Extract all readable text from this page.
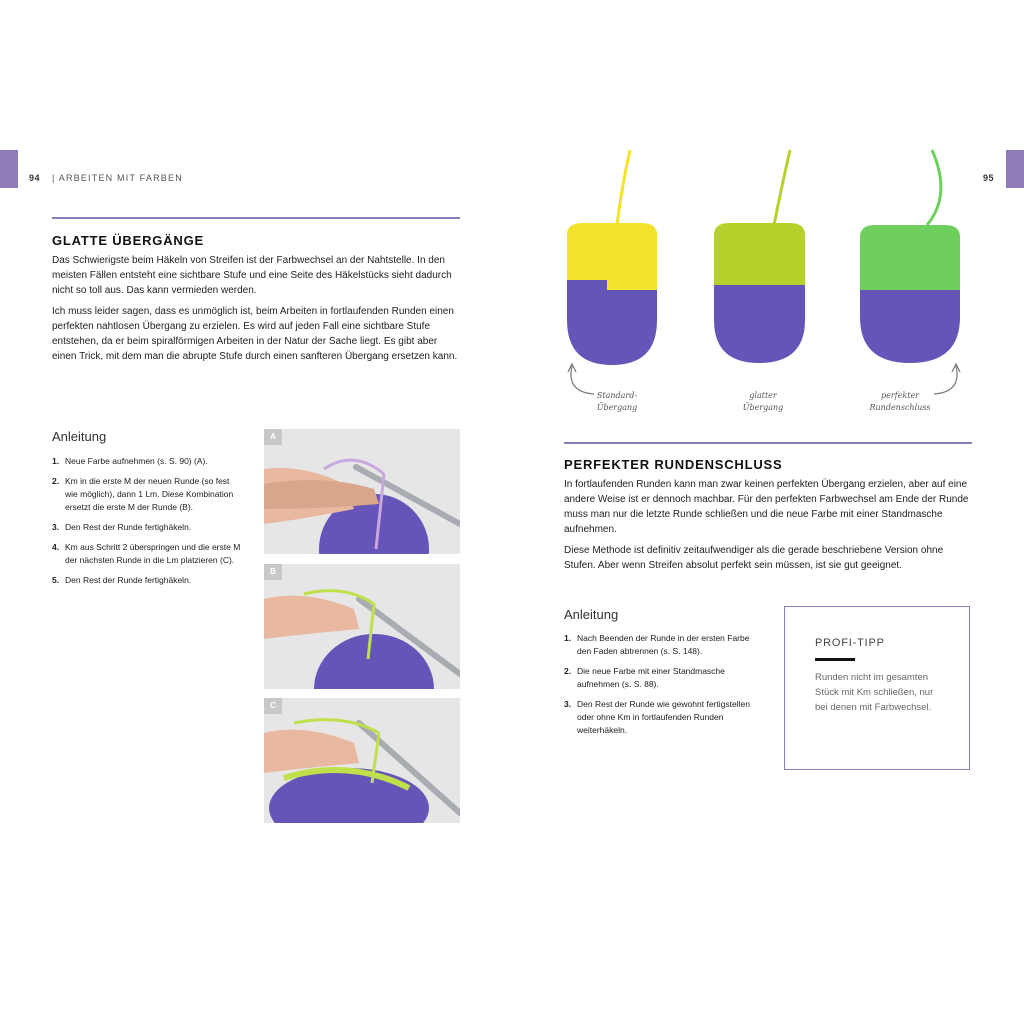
94 | ARBEITEN MIT FARBEN
GLATTE ÜBERGÄNGE

Das Schwierigste beim Häkeln von Streifen ist der Farbwechsel an der Nahtstelle. In den meisten Fällen entsteht eine sichtbare Stufe und eine Seite des Häkelstücks sieht dadurch nicht so toll aus. Das kann vermieden werden.

Ich muss leider sagen, dass es unmöglich ist, beim Arbeiten in fortlaufenden Runden einen perfekten nahtlosen Übergang zu erzielen. Es wird auf jeden Fall eine sichtbare Stufe entstehen, da er beim spiralförmigen Arbeiten in der Natur der Sache liegt. Es gibt aber einen Trick, mit dem man die abrupte Stufe durch einen sanfteren Übergang ersetzen kann.

Anleitung
1. Neue Farbe aufnehmen (s. S. 90) (A).
2. Km in die erste M der neuen Runde (so fest wie möglich), dann 1 Lm. Diese Kombination ersetzt die erste M der Runde (B).
3. Den Rest der Runde fertighäkeln.
4. Km aus Schritt 2 überspringen und die erste M der nächsten Runde in die Lm platzieren (C).
5. Den Rest der Runde fertighäkeln.
A
B
C
95
Standard-
Übergang
glatter
Übergang
perfekter
Rundenschluss
PERFEKTER RUNDENSCHLUSS

In fortlaufenden Runden kann man zwar keinen perfekten Übergang erzielen, aber auf eine andere Weise ist er dennoch machbar. Für den perfekten Farbwechsel am Ende der Runde muss man nur die letzte Runde schließen und die neue Farbe mit einer Standmasche aufnehmen.

Diese Methode ist definitiv zeitaufwendiger als die gerade beschriebene Version ohne Stufen. Aber wenn Streifen absolut perfekt sein müssen, ist sie gut geeignet.

Anleitung
1. Nach Beenden der Runde in der ersten Farbe den Faden abtrennen (s. S. 148).
2. Die neue Farbe mit einer Standmasche aufnehmen (s. S. 88).
3. Den Rest der Runde wie gewohnt fertigstellen oder ohne Km in fortlaufenden Runden weiterhäkeln.
PROFI-TIPP
Runden nicht im gesamten Stück mit Km schließen, nur bei denen mit Farbwechsel.
